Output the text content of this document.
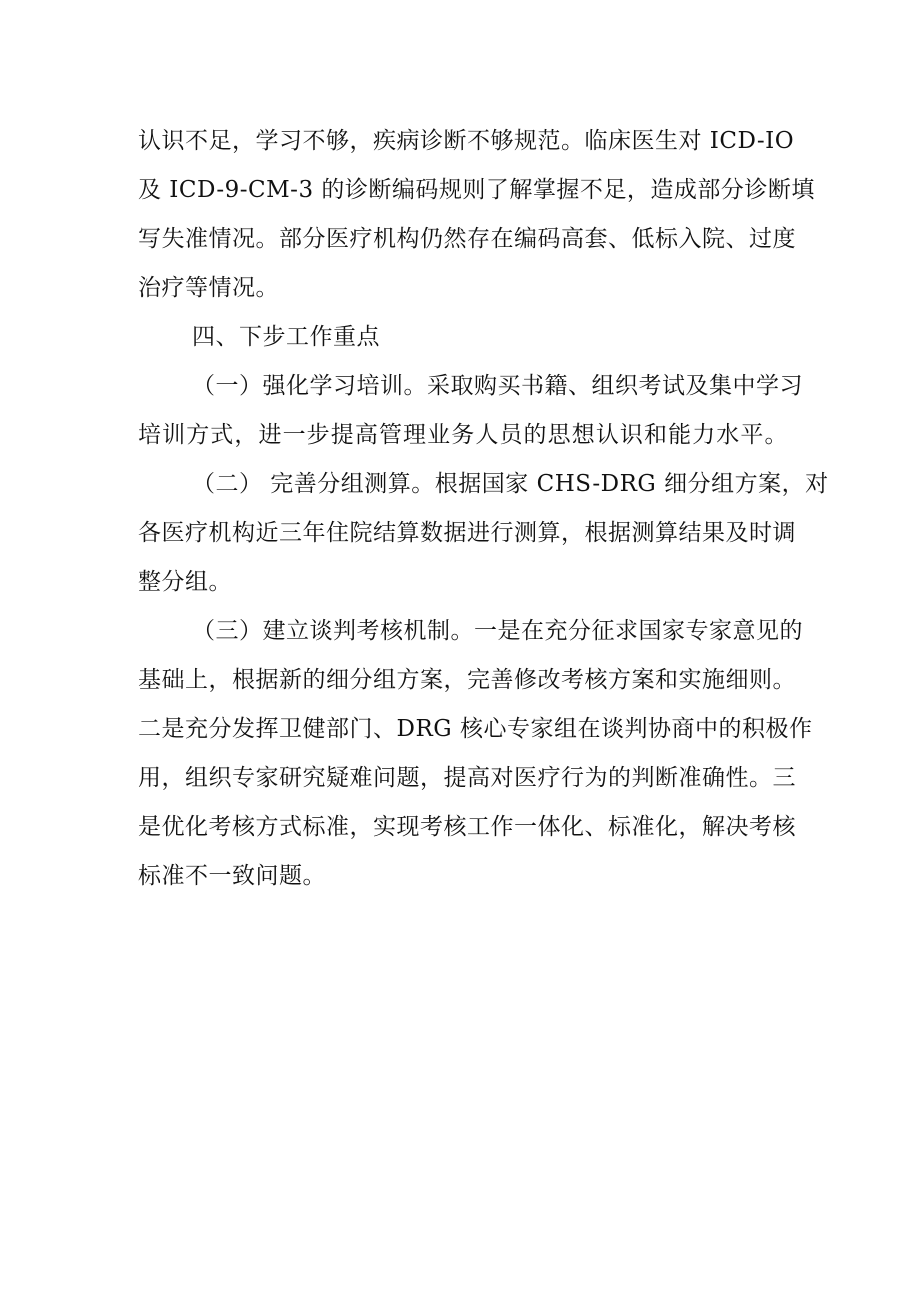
认识不足，学习不够，疾病诊断不够规范。临床医生对 ICD-IO
及 ICD-9-CM-3 的诊断编码规则了解掌握不足，造成部分诊断填
写失准情况。部分医疗机构仍然存在编码高套、低标入院、过度
治疗等情况。
四、下步工作重点
（一）强化学习培训。采取购买书籍、组织考试及集中学习
培训方式，进一步提高管理业务人员的思想认识和能力水平。
（二） 完善分组测算。根据国家 CHS-DRG 细分组方案，对
各医疗机构近三年住院结算数据进行测算，根据测算结果及时调
整分组。
（三）建立谈判考核机制。一是在充分征求国家专家意见的
基础上，根据新的细分组方案，完善修改考核方案和实施细则。
二是充分发挥卫健部门、DRG 核心专家组在谈判协商中的积极作
用，组织专家研究疑难问题，提高对医疗行为的判断准确性。三
是优化考核方式标准，实现考核工作一体化、标准化，解决考核
标准不一致问题。
